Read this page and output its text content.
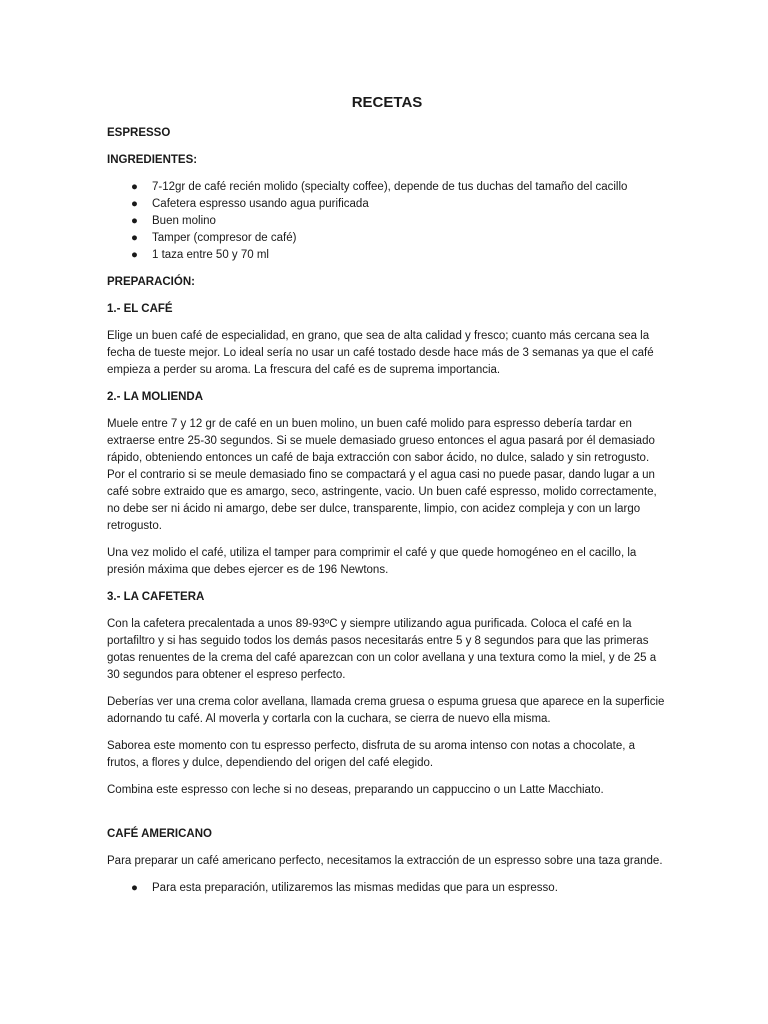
RECETAS
ESPRESSO
INGREDIENTES:
● 7-12gr de café recién molido (specialty coffee), depende de tus duchas del tamaño del cacillo
● Cafetera espresso usando agua purificada
● Buen molino
● Tamper (compresor de café)
● 1 taza entre 50 y 70 ml
PREPARACIÓN:
1.- EL CAFÉ

Elige un buen café de especialidad, en grano, que sea de alta calidad y fresco; cuanto más cercana sea la fecha de tueste mejor. Lo ideal sería no usar un café tostado desde hace más de 3 semanas ya que el café empieza a perder su aroma. La frescura del café es de suprema importancia.

2.- LA MOLIENDA

Muele entre 7 y 12 gr de café en un buen molino, un buen café molido para espresso debería tardar en extraerse entre 25-30 segundos. Si se muele demasiado grueso entonces el agua pasará por él demasiado rápido, obteniendo entonces un café de baja extracción con sabor ácido, no dulce, salado y sin retrogusto. Por el contrario si se meule demasiado fino se compactará y el agua casi no puede pasar, dando lugar a un café sobre extraido que es amargo, seco, astringente, vacio. Un buen café espresso, molido correctamente, no debe ser ni ácido ni amargo, debe ser dulce, transparente, limpio, con acidez compleja y con un largo retrogusto.

Una vez molido el café, utiliza el tamper para comprimir el café y que quede homogéneo en el cacillo, la presión máxima que debes ejercer es de 196 Newtons.

3.- LA CAFETERA

Con la cafetera precalentada a unos 89-93ºC y siempre utilizando agua purificada. Coloca el café en la portafiltro y si has seguido todos los demás pasos necesitarás entre 5 y 8 segundos para que las primeras gotas renuentes de la crema del café aparezcan con un color avellana y una textura como la miel, y de 25 a 30 segundos para obtener el espreso perfecto.

Deberías ver una crema color avellana, llamada crema gruesa o espuma gruesa que aparece en la superficie adornando tu café. Al moverla y cortarla con la cuchara, se cierra de nuevo ella misma.

Saborea este momento con tu espresso perfecto, disfruta de su aroma intenso con notas a chocolate, a frutos, a flores y dulce, dependiendo del origen del café elegido.

Combina este espresso con leche si no deseas, preparando un cappuccino o un Latte Macchiato.

CAFÉ AMERICANO

Para preparar un café americano perfecto, necesitamos la extracción de un espresso sobre una taza grande.

● Para esta preparación, utilizaremos las mismas medidas que para un espresso.
